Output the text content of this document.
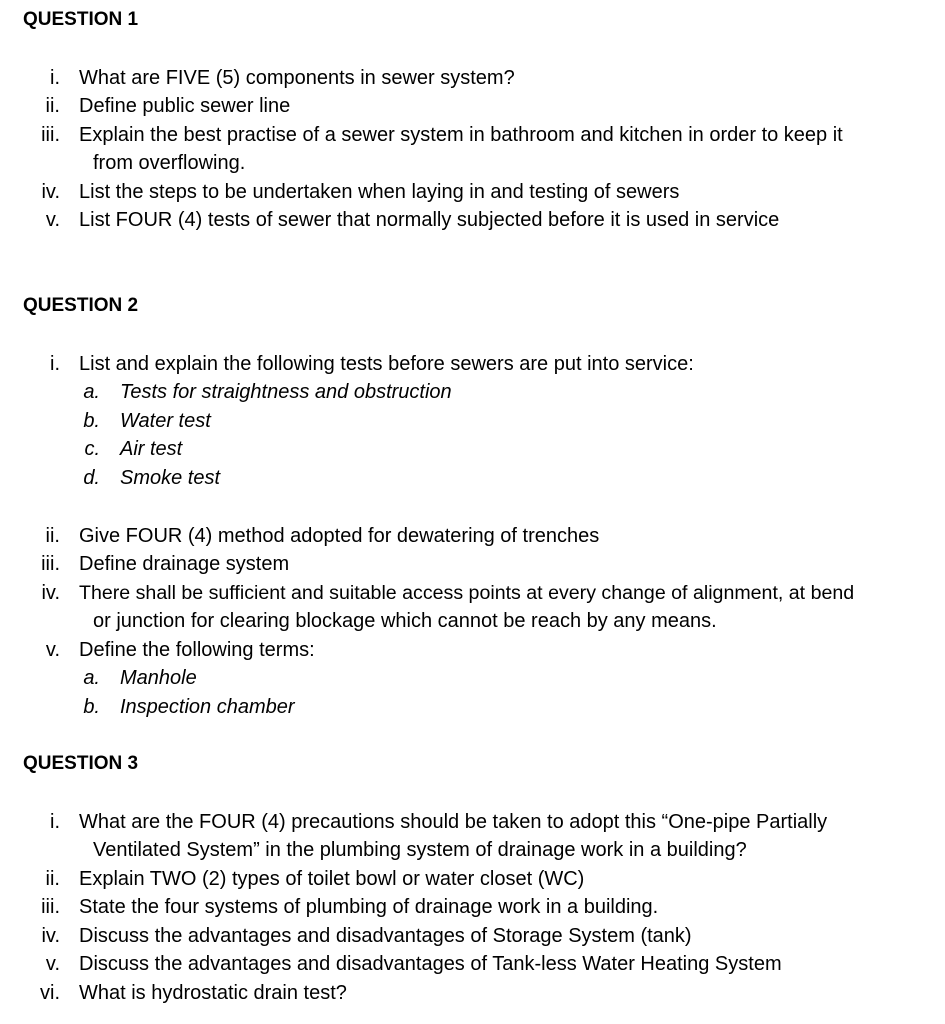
QUESTION 1
i. What are FIVE (5) components in sewer system?
ii. Define public sewer line
iii. Explain the best practise of a sewer system in bathroom and kitchen in order to keep it
from overflowing.
iv. List the steps to be undertaken when laying in and testing of sewers
v. List FOUR (4) tests of sewer that normally subjected before it is used in service
QUESTION 2
i. List and explain the following tests before sewers are put into service:
a. Tests for straightness and obstruction
b. Water test
c. Air test
d. Smoke test
ii. Give FOUR (4) method adopted for dewatering of trenches
iii. Define drainage system
iv. There shall be sufficient and suitable access points at every change of alignment, at bend
or junction for clearing blockage which cannot be reach by any means.
v. Define the following terms:
a. Manhole
b. Inspection chamber
QUESTION 3
i. What are the FOUR (4) precautions should be taken to adopt this “One-pipe Partially
Ventilated System” in the plumbing system of drainage work in a building?
ii. Explain TWO (2) types of toilet bowl or water closet (WC)
iii. State the four systems of plumbing of drainage work in a building.
iv. Discuss the advantages and disadvantages of Storage System (tank)
v. Discuss the advantages and disadvantages of Tank-less Water Heating System
vi. What is hydrostatic drain test?
